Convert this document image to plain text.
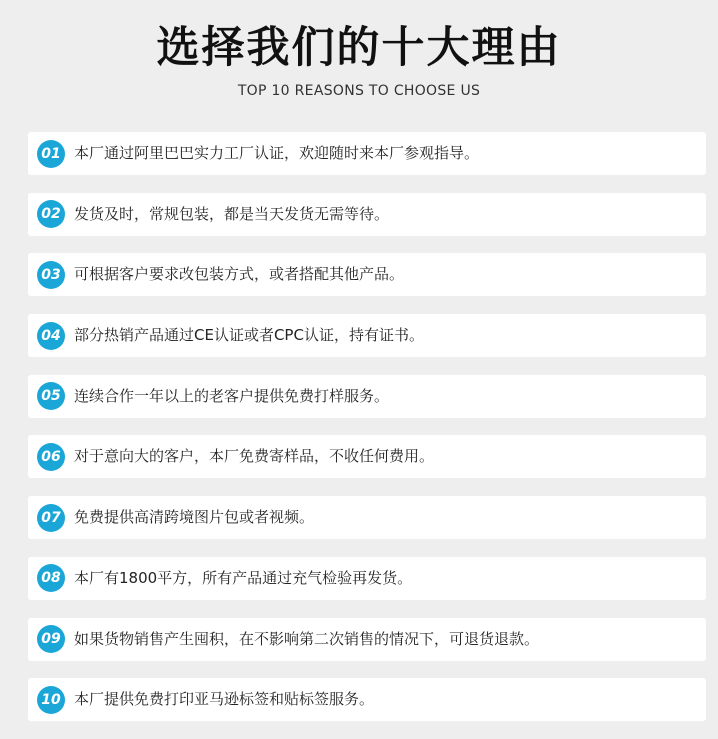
选择我们的十大理由
TOP 10 REASONS TO CHOOSE US
01 本厂通过阿里巴巴实力工厂认证，欢迎随时来本厂参观指导。
02 发货及时，常规包装，都是当天发货无需等待。
03 可根据客户要求改包装方式，或者搭配其他产品。
04 部分热销产品通过CE认证或者CPC认证，持有证书。
05 连续合作一年以上的老客户提供免费打样服务。
06 对于意向大的客户，本厂免费寄样品，不收任何费用。
07 免费提供高清跨境图片包或者视频。
08 本厂有1800平方，所有产品通过充气检验再发货。
09 如果货物销售产生囤积，在不影响第二次销售的情况下，可退货退款。
10 本厂提供免费打印亚马逊标签和贴标签服务。
